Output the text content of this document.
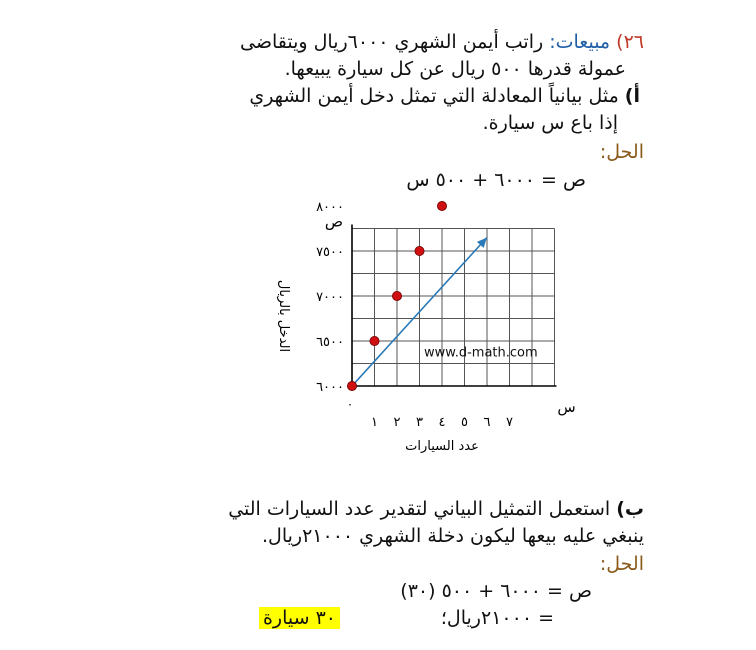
٢٦) مبيعات: راتب أيمن الشهري ٦٠٠٠ريال ويتقاضى
عمولة قدرها ٥٠٠ ريال عن كل سيارة يبيعها.
أ) مثل بيانياً المعادلة التي تمثل دخل أيمن الشهري
إذا باع س سيارة.
الحل:
ص = ٦٠٠٠ + ٥٠٠ س
١ ٢ ٣ ٤ ٥ ٦ ٧
٦٠٠٠
٦٥٠٠
٧٠٠٠
٧٥٠٠
٨٠٠٠
ص
س
٠
عدد السيارات
الدخل بالريال
www.d-math.com
ب) استعمل التمثيل البياني لتقدير عدد السيارات التي
ينبغي عليه بيعها ليكون دخلة الشهري ٢١٠٠٠ريال.
الحل:
ص = ٦٠٠٠ + ٥٠٠ (٣٠)
= ٢١٠٠٠ريال؛
٣٠ سيارة
